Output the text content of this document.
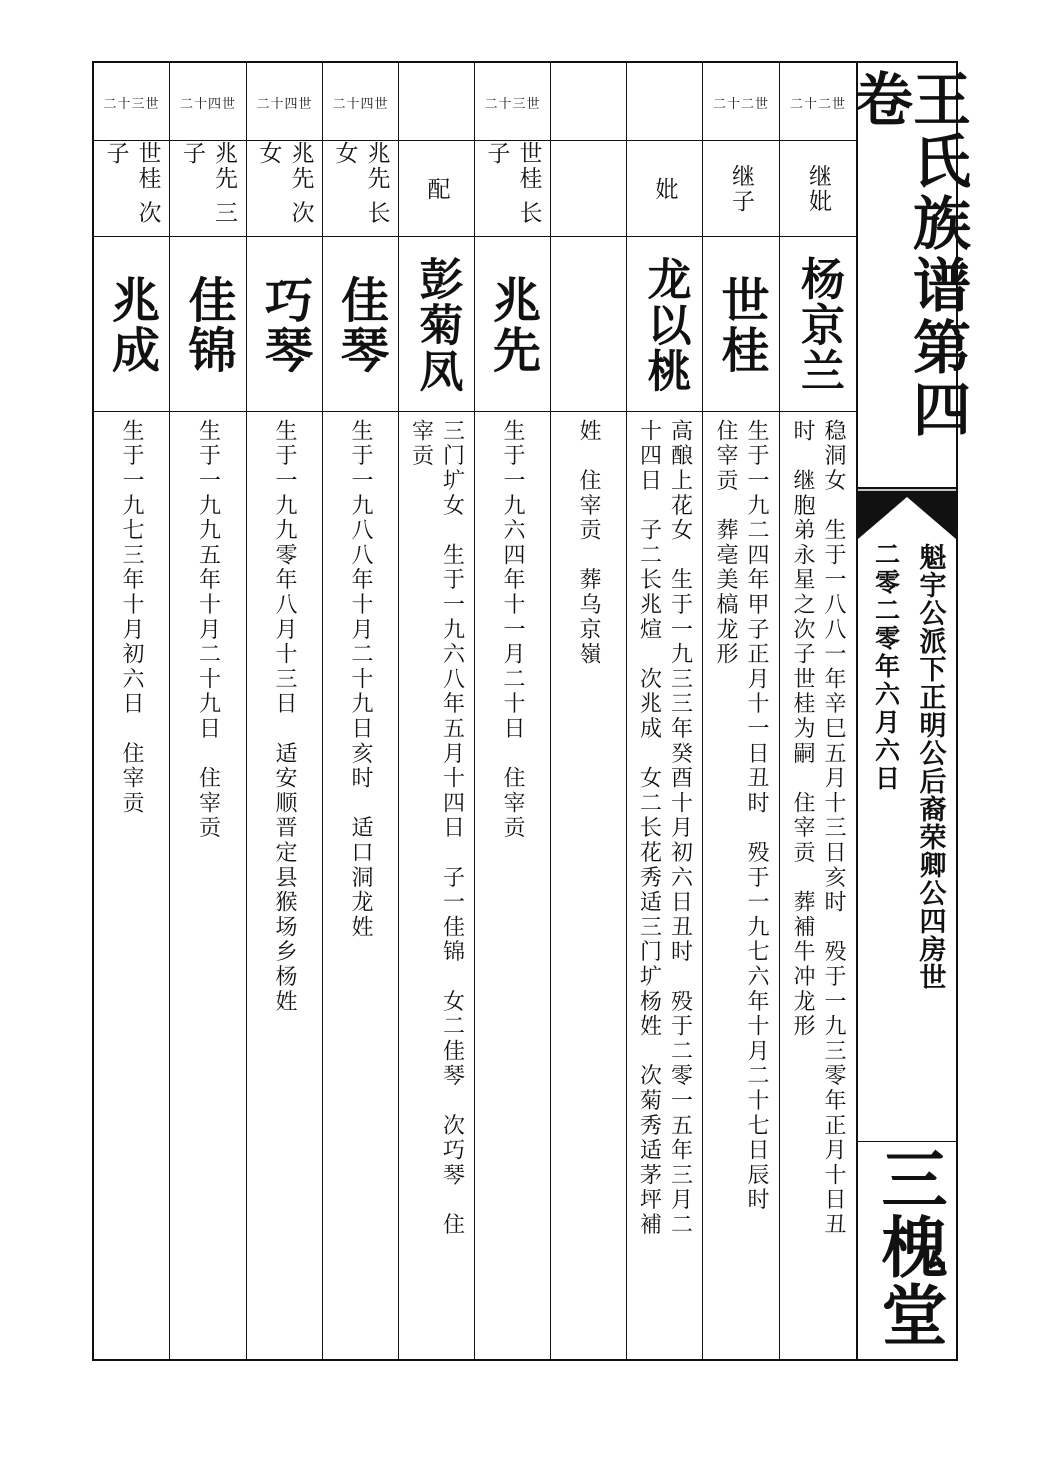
世二十二
继妣
杨京兰
稳洞女　生于一八八一年辛巳五月十三日亥时　殁于一九三零年正月十日丑
时　继胞弟永星之次子世桂为嗣　住宰贡　葬補牛冲龙形
世二十二
继子
世桂
生于一九二四年甲子正月十一日丑时　殁于一九七六年十月二十七日辰时
住宰贡　葬亳美槁龙形
妣
龙以桃
高酿上花女　生于一九三三年癸酉十月初六日丑时　殁于二零一五年三月二
十四日　子二长兆煊　次兆成　女二长花秀适三门圹杨姓　次菊秀适茅坪補
姓　住宰贡　葬乌京嶺
世三十二
世桂 长子
兆先
生于一九六四年十一月二十日　住宰贡
配
彭菊凤
三门圹女　生于一九六八年五月十四日　子一佳锦　女二佳琴　次巧琴　住
宰贡
世四十二
兆先 长女
佳琴
生于一九八八年十月二十九日亥时　适口洞龙姓
世四十二
兆先 次女
巧琴
生于一九九零年八月十三日　适安顺晋定县猴场乡杨姓
世四十二
兆先 三子
佳锦
生于一九九五年十月二十九日　住宰贡
世三十二
世桂 次子
兆成
生于一九七三年十月初六日　住宰贡
王氏族谱第四卷
魁宇公派下正明公后裔荣卿公四房世
二零二零年六月六日
三槐堂
